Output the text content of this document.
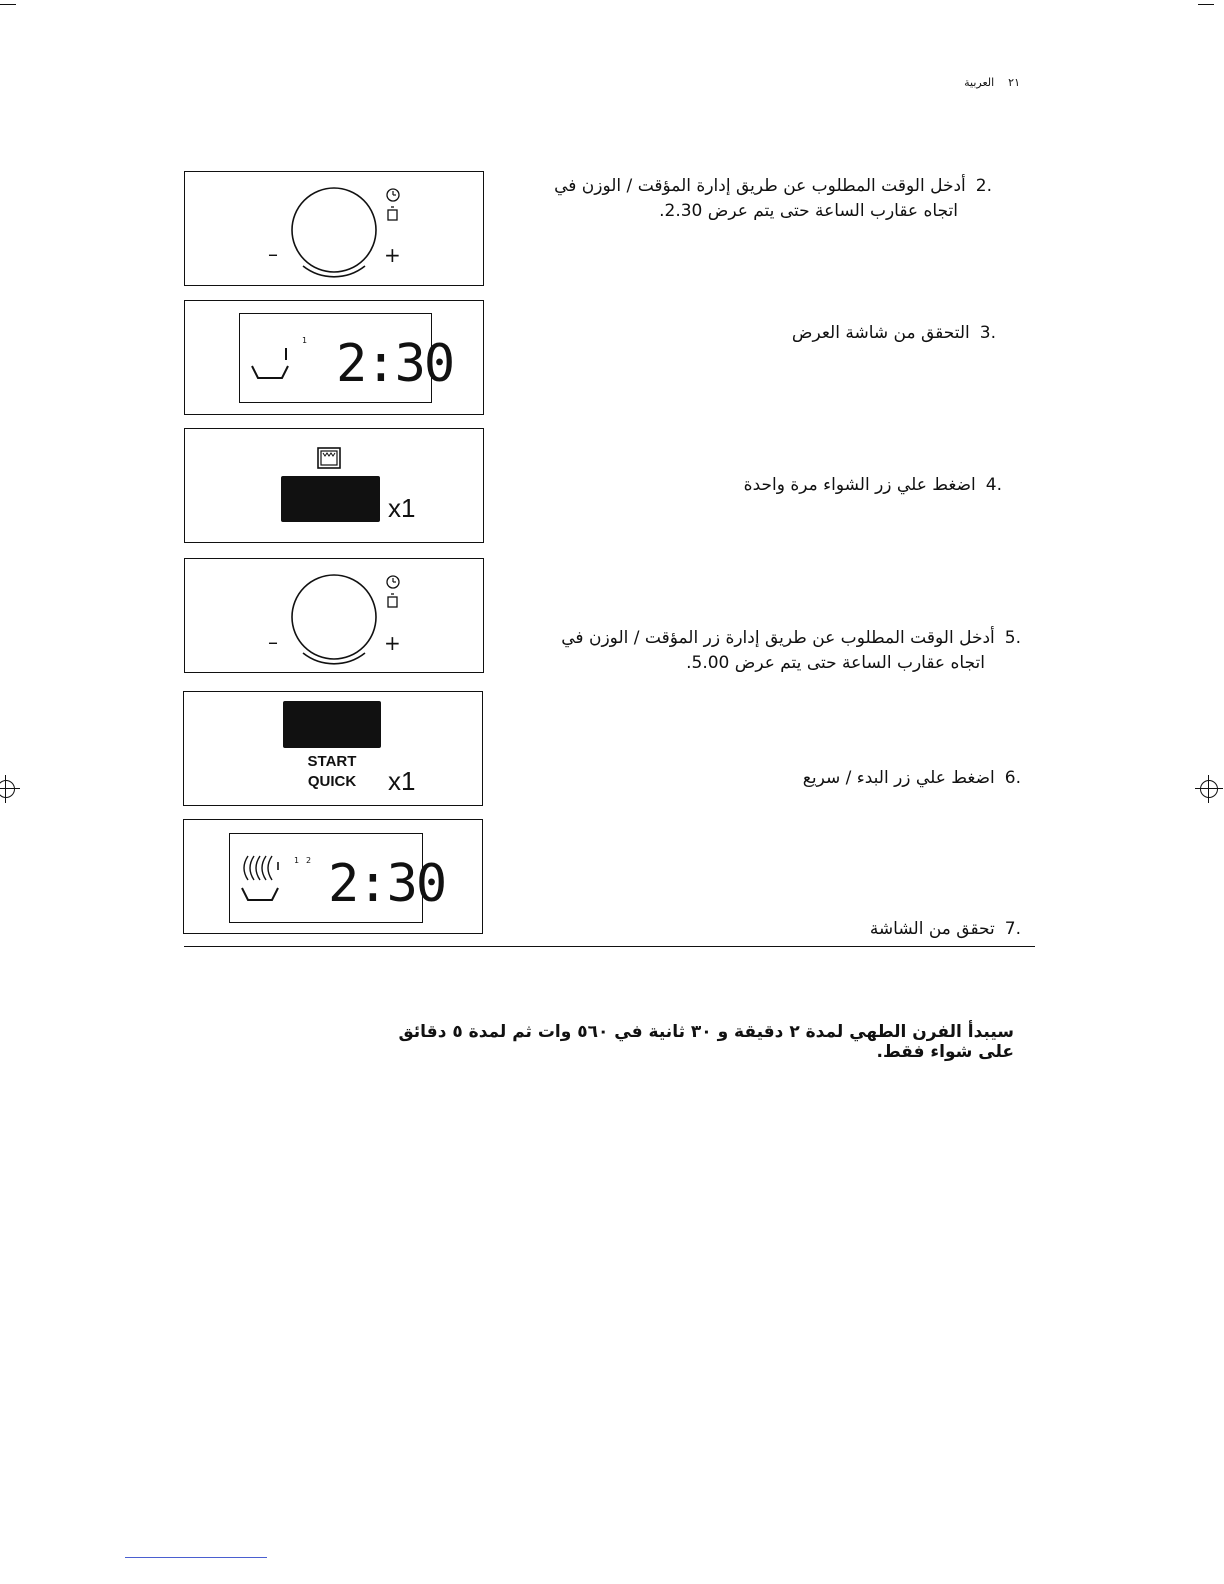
٢١العربية
–	+
1 2:30
x1
–	+
START
QUICK	x1
1 2 2:30
.2أدخل الوقت المطلوب عن طريق إدارة المؤقت / الوزن في
اتجاه عقارب الساعة حتى يتم عرض 2.30.
.3التحقق من شاشة العرض
.4اضغط علي زر الشواء مرة واحدة
.5أدخل الوقت المطلوب عن طريق إدارة زر المؤقت / الوزن في
اتجاه عقارب الساعة حتى يتم عرض 5.00.
.6اضغط علي زر البدء / سريع
.7تحقق من الشاشة
سيبدأ الفرن الطهي لمدة ٢ دقيقة و ٣٠ ثانية في ٥٦٠ وات ثم لمدة ٥ دقائق على شواء فقط.
